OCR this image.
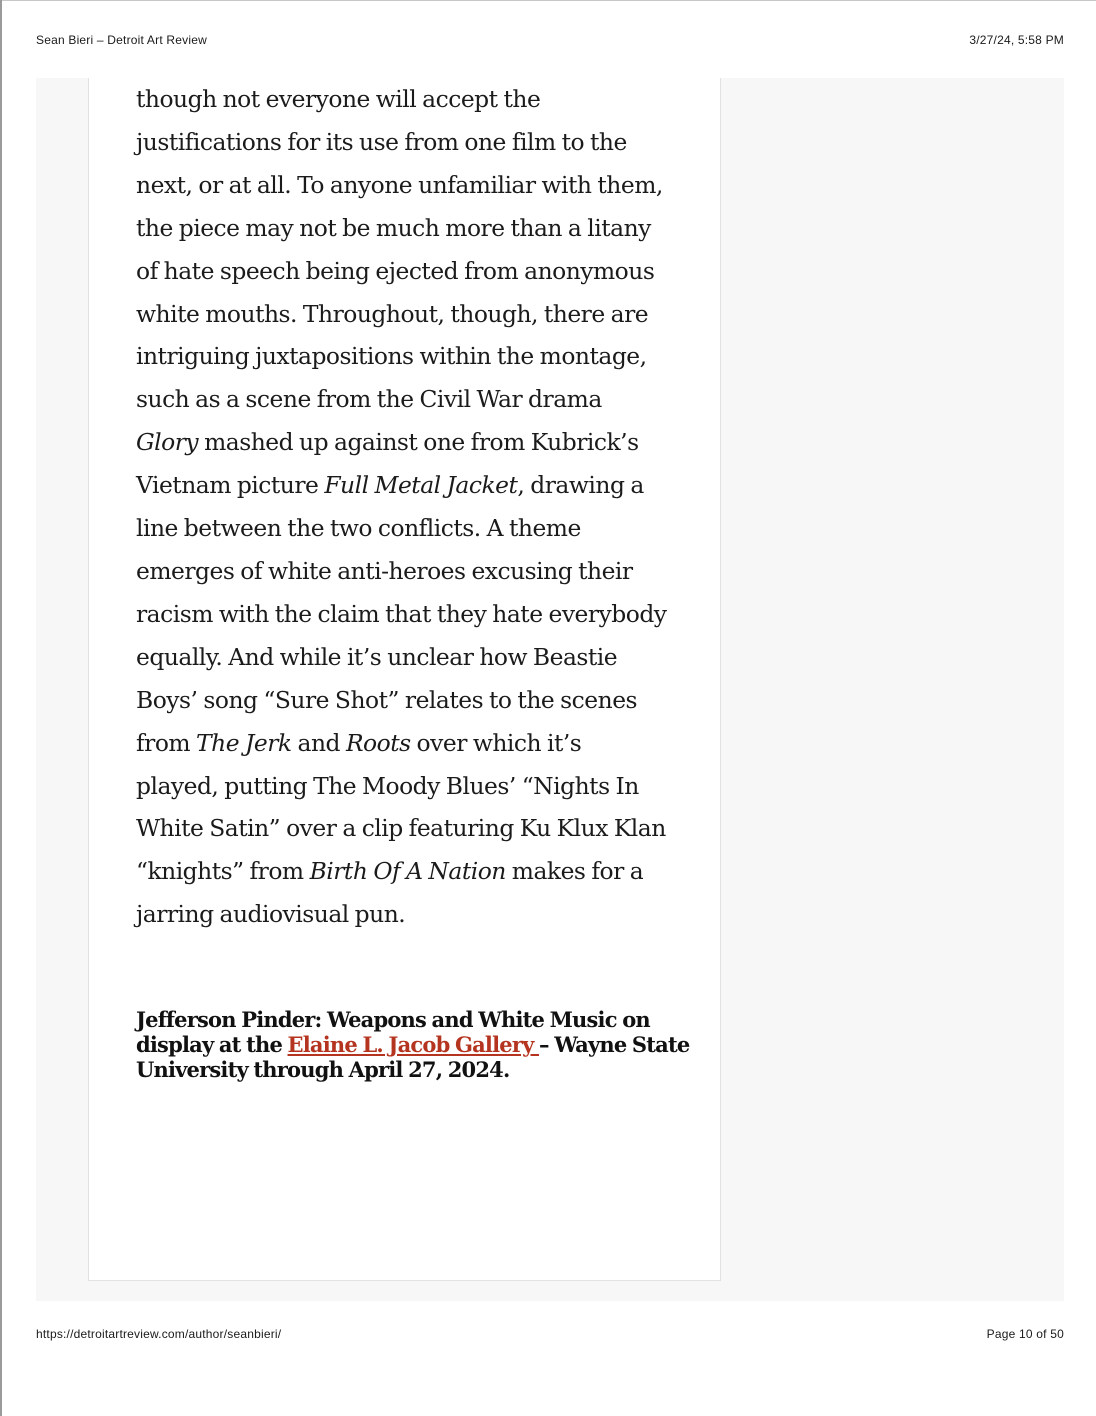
Sean Bieri – Detroit Art Review	3/27/24, 5:58 PM
though not everyone will accept the
justifications for its use from one film to the
next, or at all. To anyone unfamiliar with them,
the piece may not be much more than a litany
of hate speech being ejected from anonymous
white mouths. Throughout, though, there are
intriguing juxtapositions within the montage,
such as a scene from the Civil War drama
Glory mashed up against one from Kubrick’s
Vietnam picture Full Metal Jacket, drawing a
line between the two conflicts. A theme
emerges of white anti-heroes excusing their
racism with the claim that they hate everybody
equally. And while it’s unclear how Beastie
Boys’ song “Sure Shot” relates to the scenes
from The Jerk and Roots over which it’s
played, putting The Moody Blues’ “Nights In
White Satin” over a clip featuring Ku Klux Klan
“knights” from Birth Of A Nation makes for a
jarring audiovisual pun.
Jefferson Pinder: Weapons and White Music on
display at the Elaine L. Jacob Gallery – Wayne State
University through April 27, 2024.
https://detroitartreview.com/author/seanbieri/	Page 10 of 50
